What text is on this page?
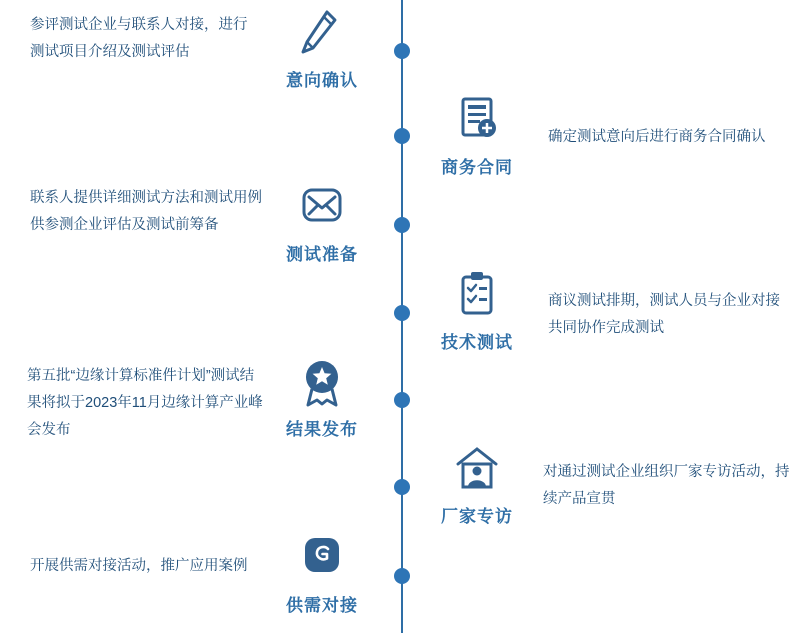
意向确认
参评测试企业与联系人对接，进行测试项目介绍及测试评估
商务合同
确定测试意向后进行商务合同确认
测试准备
联系人提供详细测试方法和测试用例供参测企业评估及测试前筹备
技术测试
商议测试排期，测试人员与企业对接共同协作完成测试
结果发布
第五批“边缘计算标准件计划”测试结果将拟于2023年11月边缘计算产业峰会发布
厂家专访
对通过测试企业组织厂家专访活动，持续产品宣贯
供需对接
开展供需对接活动，推广应用案例
